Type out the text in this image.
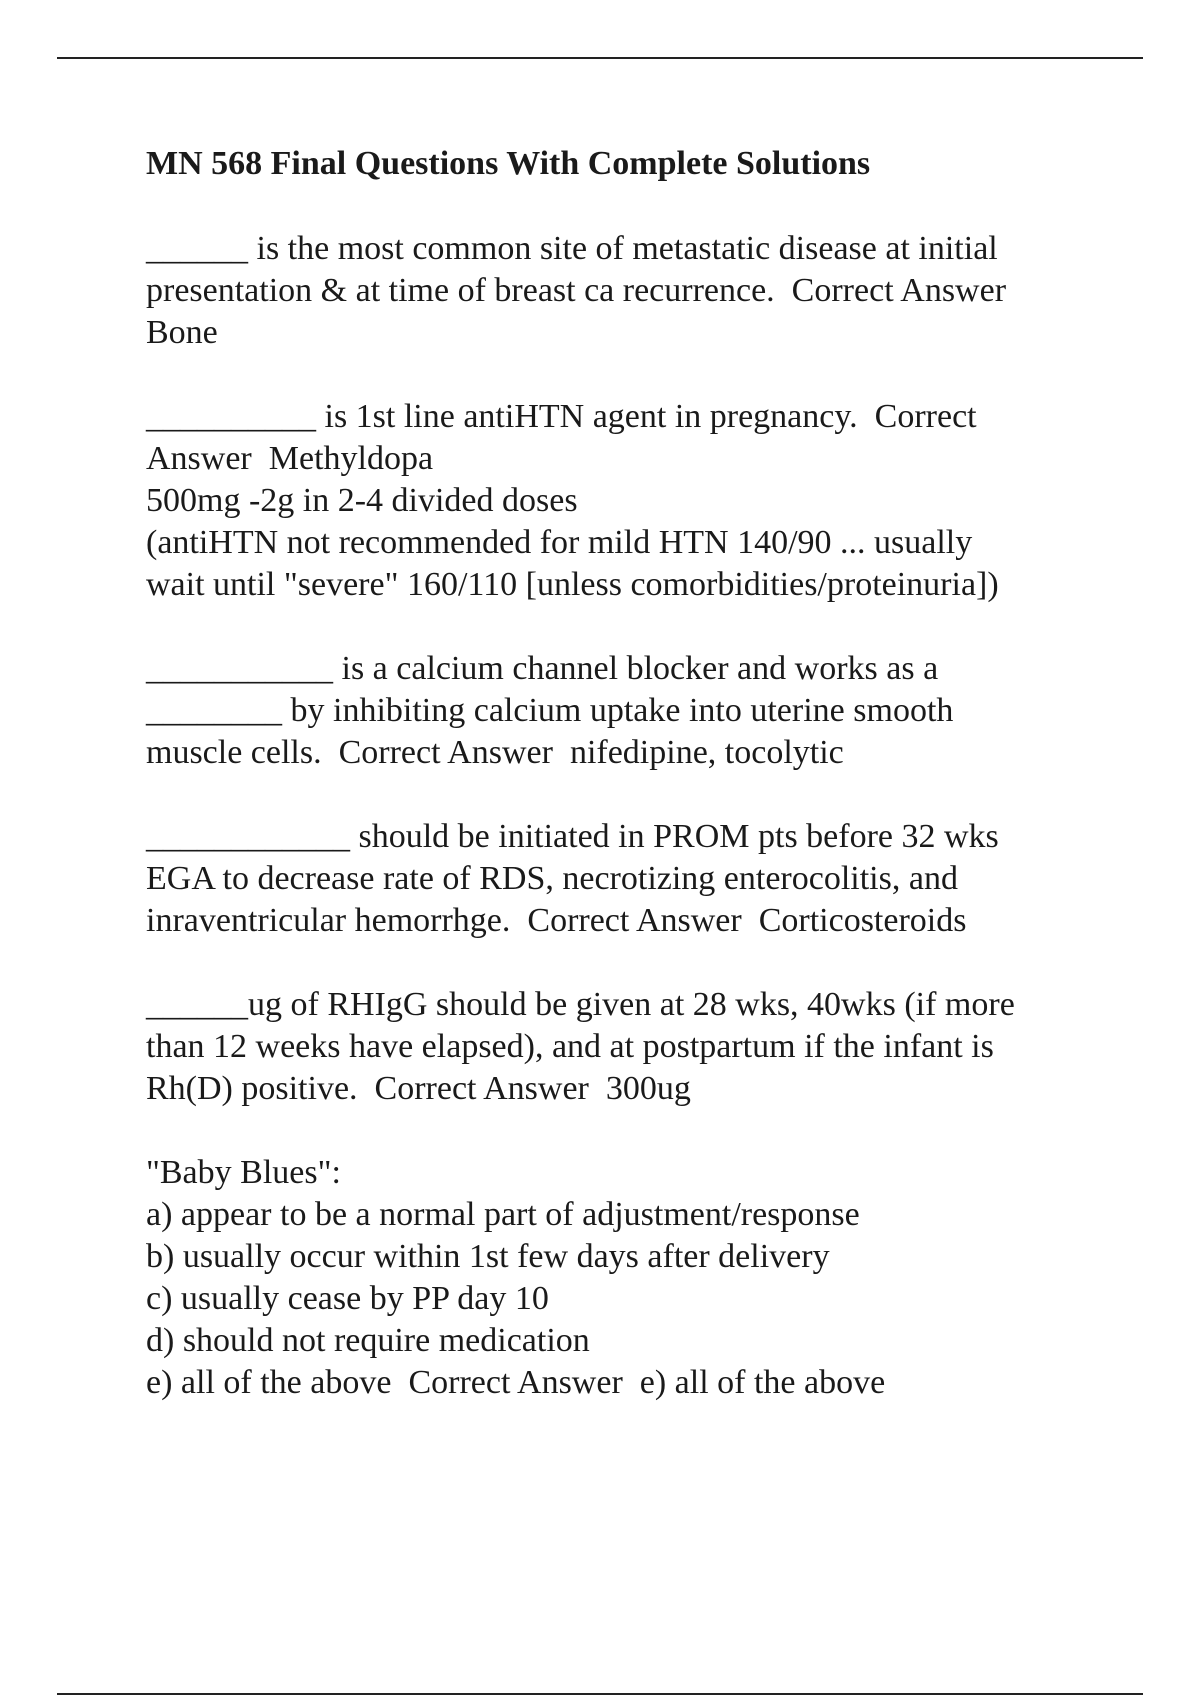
MN 568 Final Questions With Complete Solutions
______ is the most common site of metastatic disease at initial
presentation & at time of breast ca recurrence.  Correct Answer
Bone
__________ is 1st line antiHTN agent in pregnancy.  Correct
Answer  Methyldopa
500mg -2g in 2-4 divided doses
(antiHTN not recommended for mild HTN 140/90 ... usually
wait until "severe" 160/110 [unless comorbidities/proteinuria])
___________ is a calcium channel blocker and works as a
________ by inhibiting calcium uptake into uterine smooth
muscle cells.  Correct Answer  nifedipine, tocolytic
____________ should be initiated in PROM pts before 32 wks
EGA to decrease rate of RDS, necrotizing enterocolitis, and
inraventricular hemorrhge.  Correct Answer  Corticosteroids
______ug of RHIgG should be given at 28 wks, 40wks (if more
than 12 weeks have elapsed), and at postpartum if the infant is
Rh(D) positive.  Correct Answer  300ug
"Baby Blues":
a) appear to be a normal part of adjustment/response
b) usually occur within 1st few days after delivery
c) usually cease by PP day 10
d) should not require medication
e) all of the above  Correct Answer  e) all of the above
